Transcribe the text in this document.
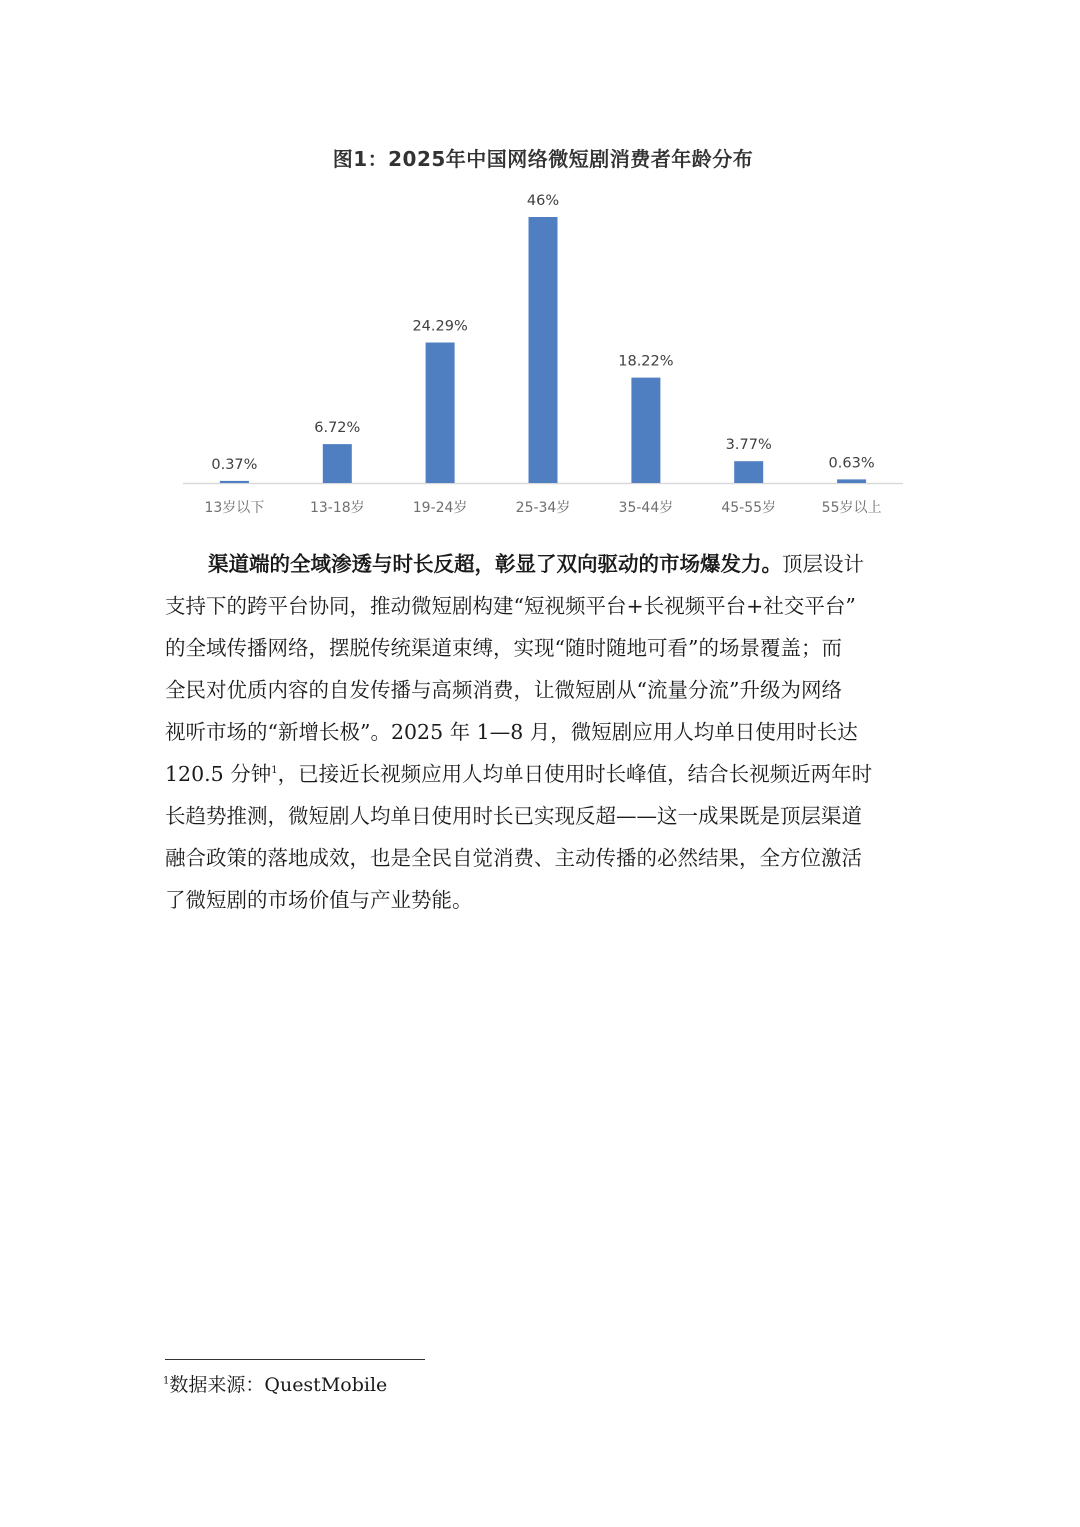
图1：2025年中国网络微短剧消费者年龄分布
0.37%
13岁以下
6.72%
13-18岁
24.29%
19-24岁
46%
25-34岁
18.22%
35-44岁
3.77%
45-55岁
0.63%
55岁以上

渠道端的全域渗透与时长反超，彰显了双向驱动的市场爆发力。顶层设计
支持下的跨平台协同，推动微短剧构建“短视频平台+长视频平台+社交平台”
的全域传播网络，摆脱传统渠道束缚，实现“随时随地可看”的场景覆盖；而
全民对优质内容的自发传播与高频消费，让微短剧从“流量分流”升级为网络
视听市场的“新增长极”。2025 年 1—8 月，微短剧应用人均单日使用时长达
120.5 分钟$^1$，已接近长视频应用人均单日使用时长峰值，结合长视频近两年时
长趋势推测，微短剧人均单日使用时长已实现反超——这一成果既是顶层渠道
融合政策的落地成效，也是全民自觉消费、主动传播的必然结果，全方位激活
了微短剧的市场价值与产业势能。

$^1$数据来源：QuestMobile
